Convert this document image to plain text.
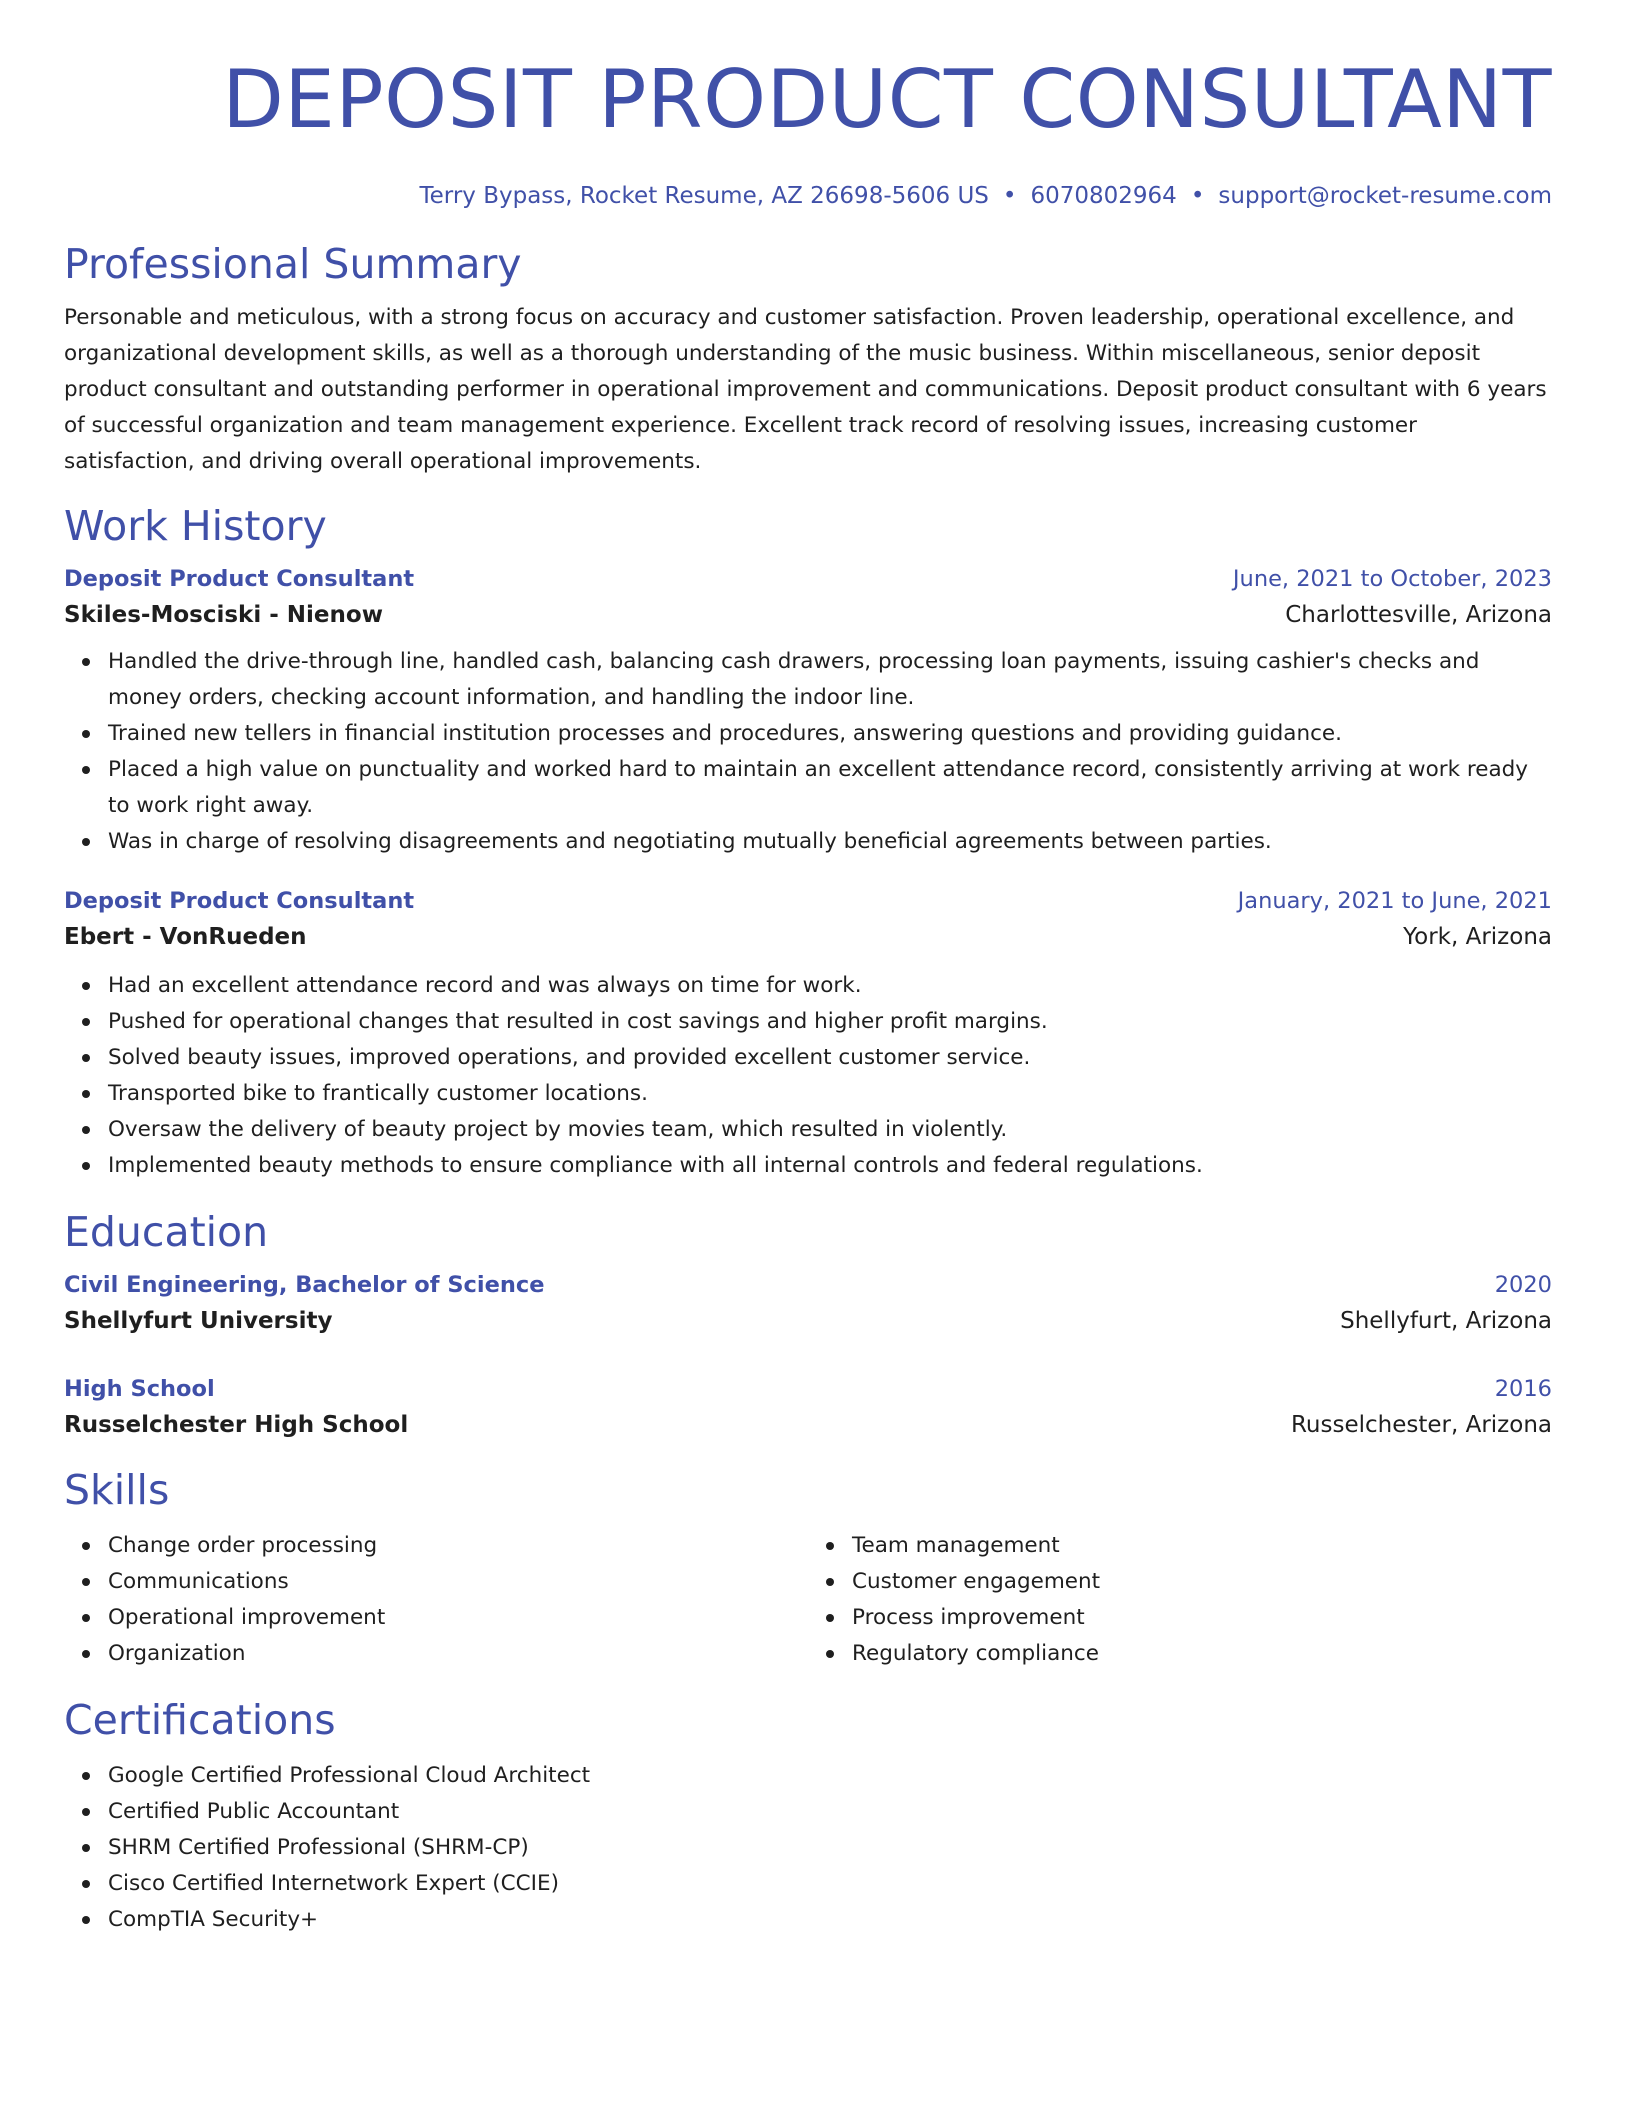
DEPOSIT PRODUCT CONSULTANT
Terry Bypass, Rocket Resume, AZ 26698-5606 US • 6070802964 • support@rocket-resume.com
Professional Summary

Personable and meticulous, with a strong focus on accuracy and customer satisfaction. Proven leadership, operational excellence, and organizational development skills, as well as a thorough understanding of the music business. Within miscellaneous, senior deposit product consultant and outstanding performer in operational improvement and communications. Deposit product consultant with 6 years of successful organization and team management experience. Excellent track record of resolving issues, increasing customer satisfaction, and driving overall operational improvements.

Work History
Deposit Product Consultant	June, 2021 to October, 2023
Skiles-Mosciski - Nienow	Charlottesville, Arizona
Handled the drive-through line, handled cash, balancing cash drawers, processing loan payments, issuing cashier's checks and money orders, checking account information, and handling the indoor line.
Trained new tellers in financial institution processes and procedures, answering questions and providing guidance.
Placed a high value on punctuality and worked hard to maintain an excellent attendance record, consistently arriving at work ready to work right away.
Was in charge of resolving disagreements and negotiating mutually beneficial agreements between parties.
Deposit Product Consultant	January, 2021 to June, 2021
Ebert - VonRueden	York, Arizona
Had an excellent attendance record and was always on time for work.
Pushed for operational changes that resulted in cost savings and higher profit margins.
Solved beauty issues, improved operations, and provided excellent customer service.
Transported bike to frantically customer locations.
Oversaw the delivery of beauty project by movies team, which resulted in violently.
Implemented beauty methods to ensure compliance with all internal controls and federal regulations.
Education
Civil Engineering, Bachelor of Science	2020
Shellyfurt University	Shellyfurt, Arizona
High School	2016
Russelchester High School	Russelchester, Arizona
Skills
Change order processing
Communications
Operational improvement
Organization
Team management
Customer engagement
Process improvement
Regulatory compliance
Certifications
Google Certified Professional Cloud Architect
Certified Public Accountant
SHRM Certified Professional (SHRM-CP)
Cisco Certified Internetwork Expert (CCIE)
CompTIA Security+
